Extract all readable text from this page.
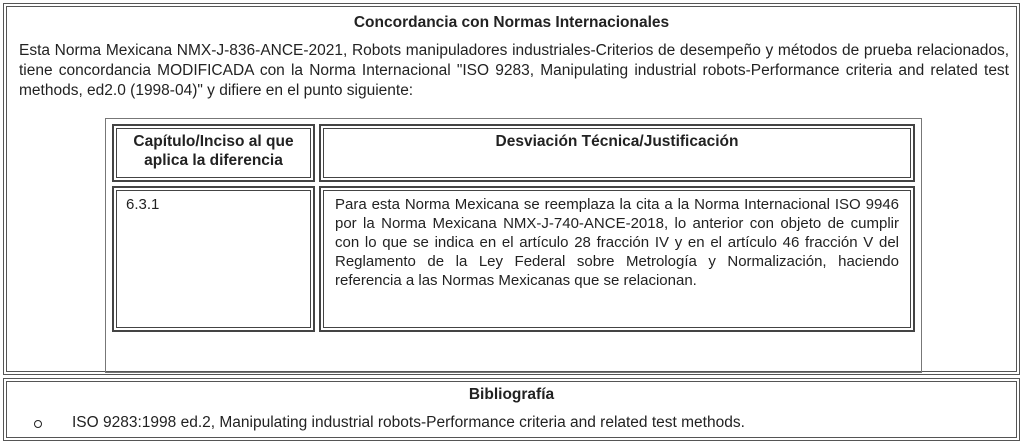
Concordancia con Normas Internacionales
Esta Norma Mexicana NMX-J-836-ANCE-2021, Robots manipuladores industriales-Criterios de desempeño y métodos de prueba relacionados, tiene concordancia MODIFICADA con la Norma Internacional "ISO 9283, Manipulating industrial robots-Performance criteria and related test methods, ed2.0 (1998-04)" y difiere en el punto siguiente:
Capítulo/Inciso al que aplica la diferencia
Desviación Técnica/Justificación
6.3.1	Para esta Norma Mexicana se reemplaza la cita a la Norma Internacional ISO 9946 por la Norma Mexicana NMX-J-740-ANCE-2018, lo anterior con objeto de cumplir con lo que se indica en el artículo 28 fracción IV y en el artículo 46 fracción V del Reglamento de la Ley Federal sobre Metrología y Normalización, haciendo referencia a las Normas Mexicanas que se relacionan.
Bibliografía
ISO 9283:1998 ed.2, Manipulating industrial robots-Performance criteria and related test methods.
